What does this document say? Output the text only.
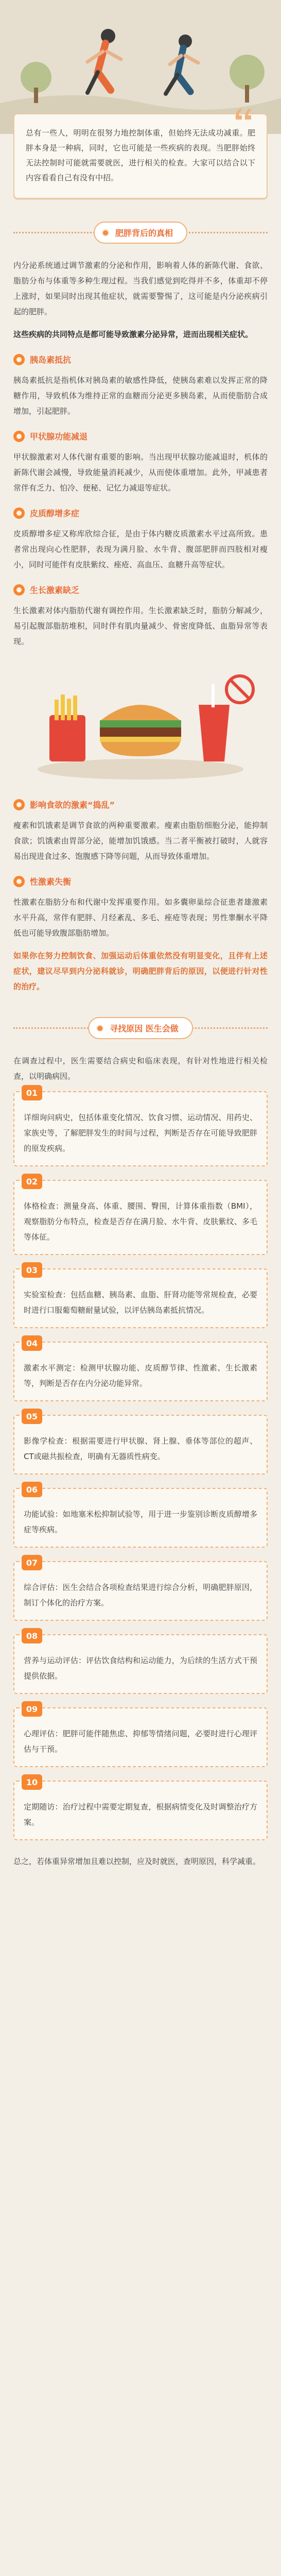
总有一些人，明明在很努力地控制体重，但始终无法成功减重。肥胖本身是一种病，同时，它也可能是一些疾病的表现。当肥胖始终无法控制时可能就需要就医，进行相关的检查。大家可以结合以下内容看看自己有没有中招。

肥胖背后的真相

内分泌系统通过调节激素的分泌和作用，影响着人体的新陈代谢、食欲、脂肪分布与体重等多种生理过程。当我们感觉到吃得并不多，体重却不停上涨时，如果同时出现其他症状，就需要警惕了，这可能是内分泌疾病引起的肥胖。

这些疾病的共同特点是都可能导致激素分泌异常，进而出现相关症状。

胰岛素抵抗

胰岛素抵抗是指机体对胰岛素的敏感性降低，使胰岛素难以发挥正常的降糖作用，导致机体为维持正常的血糖而分泌更多胰岛素，从而使脂肪合成增加，引起肥胖。

甲状腺功能减退

甲状腺激素对人体代谢有重要的影响。当出现甲状腺功能减退时，机体的新陈代谢会减慢，导致能量消耗减少，从而使体重增加。此外，甲减患者常伴有乏力、怕冷、便秘、记忆力减退等症状。

皮质醇增多症

皮质醇增多症又称库欣综合征，是由于体内糖皮质激素水平过高所致。患者常出现向心性肥胖，表现为满月脸、水牛背、腹部肥胖而四肢相对瘦小，同时可能伴有皮肤紫纹、痤疮、高血压、血糖升高等症状。

生长激素缺乏

生长激素对体内脂肪代谢有调控作用。生长激素缺乏时，脂肪分解减少，易引起腹部脂肪堆积，同时伴有肌肉量减少、骨密度降低、血脂异常等表现。

影响食欲的激素“捣乱”

瘦素和饥饿素是调节食欲的两种重要激素。瘦素由脂肪细胞分泌，能抑制食欲；饥饿素由胃部分泌，能增加饥饿感。当二者平衡被打破时，人就容易出现进食过多、饱腹感下降等问题，从而导致体重增加。

性激素失衡

性激素在脂肪分布和代谢中发挥重要作用。如多囊卵巢综合征患者雄激素水平升高，常伴有肥胖、月经紊乱、多毛、痤疮等表现；男性睾酮水平降低也可能导致腹部脂肪增加。

如果你在努力控制饮食、加强运动后体重依然没有明显变化，且伴有上述症状，建议尽早到内分泌科就诊，明确肥胖背后的原因，以便进行针对性的治疗。

寻找原因 医生会做

在调查过程中，医生需要结合病史和临床表现，有针对性地进行相关检查，以明确病因。

01

详细询问病史，包括体重变化情况、饮食习惯、运动情况、用药史、家族史等，了解肥胖发生的时间与过程，判断是否存在可能导致肥胖的原发疾病。

02

体格检查：测量身高、体重、腰围、臀围，计算体重指数（BMI），观察脂肪分布特点，检查是否存在满月脸、水牛背、皮肤紫纹、多毛等体征。

03

实验室检查：包括血糖、胰岛素、血脂、肝肾功能等常规检查，必要时进行口服葡萄糖耐量试验，以评估胰岛素抵抗情况。

04

激素水平测定：检测甲状腺功能、皮质醇节律、性激素、生长激素等，判断是否存在内分泌功能异常。

05

影像学检查：根据需要进行甲状腺、肾上腺、垂体等部位的超声、CT或磁共振检查，明确有无器质性病变。

06

功能试验：如地塞米松抑制试验等，用于进一步鉴别诊断皮质醇增多症等疾病。

07

综合评估：医生会结合各项检查结果进行综合分析，明确肥胖原因，制订个体化的治疗方案。

08

营养与运动评估：评估饮食结构和运动能力，为后续的生活方式干预提供依据。

09

心理评估：肥胖可能伴随焦虑、抑郁等情绪问题，必要时进行心理评估与干预。

10

定期随访：治疗过程中需要定期复查，根据病情变化及时调整治疗方案。

总之，若体重异常增加且难以控制，应及时就医，查明原因，科学减重。
